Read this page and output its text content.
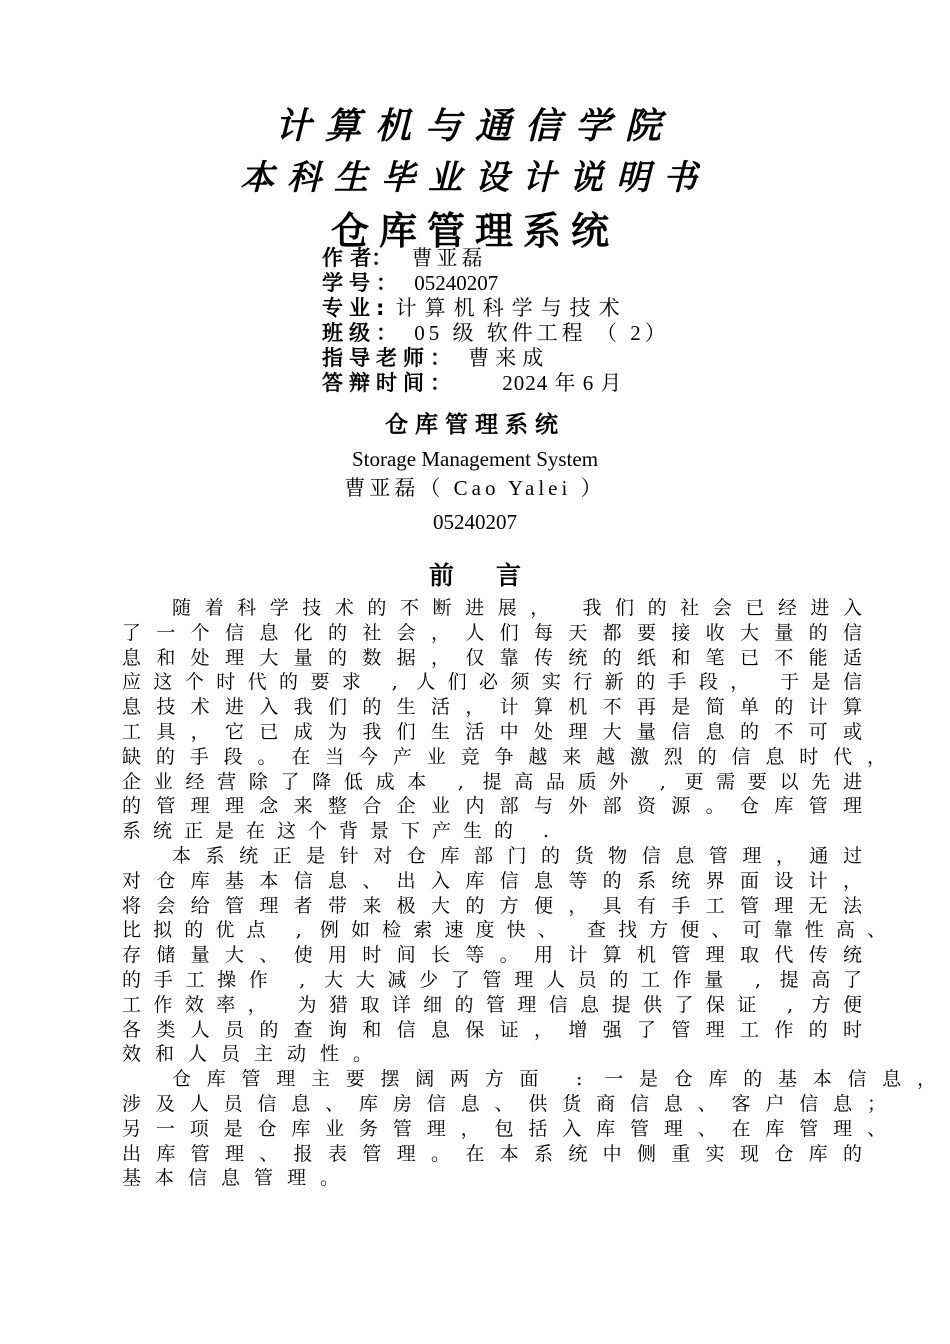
计算机与通信学院
本科生毕业设计说明书
仓库管理系统
作 者： 曹亚磊
学号： 05240207
专业: 计算机科学与技术
班级： 05 级 软件工程 （ 2）
指导老师： 曹来成
答辩时间： 2024 年 6 月
仓库管理系统
Storage Management System
曹亚磊（ Cao Yalei ）
05240207
前言
随着科学技术的不断进展， 我们的社会已经进入
了一个信息化的社会，人们每天都要接收大量的信
息和处理大量的数据，仅靠传统的纸和笔已不能适
应这个时代的要求 , 人们必须实行新的手段， 于是信
息技术进入我们的生活，计算机不再是简单的计算
工具，它已成为我们生活中处理大量信息的不可或
缺的手段。在当今产业竞争越来越激烈的信息时代，
企业经营除了降低成本 , 提高品质外 , 更需要以先进
的管理理念来整合企业内部与外部资源。仓库管理
系统正是在这个背景下产生的 .
本系统正是针对仓库部门的货物信息管理，通过
对仓库基本信息、出入库信息等的系统界面设计，
将会给管理者带来极大的方便，具有手工管理无法
比拟的优点 , 例如检索速度快、 查找方便、可靠性高、
存储量大、使用时间长等。用计算机管理取代传统
的手工操作 , 大大减少了管理人员的工作量 , 提高了
工作效率， 为猎取详细的管理信息提供了保证 , 方便
各类人员的查询和信息保证，增强了管理工作的时
效和人员主动性。
仓库管理主要摆阔两方面 : 一是仓库的基本信息，
涉及人员信息、库房信息、供货商信息、客户信息；
另一项是仓库业务管理，包括入库管理、在库管理、
出库管理、报表管理。在本系统中侧重实现仓库的
基本信息管理。
